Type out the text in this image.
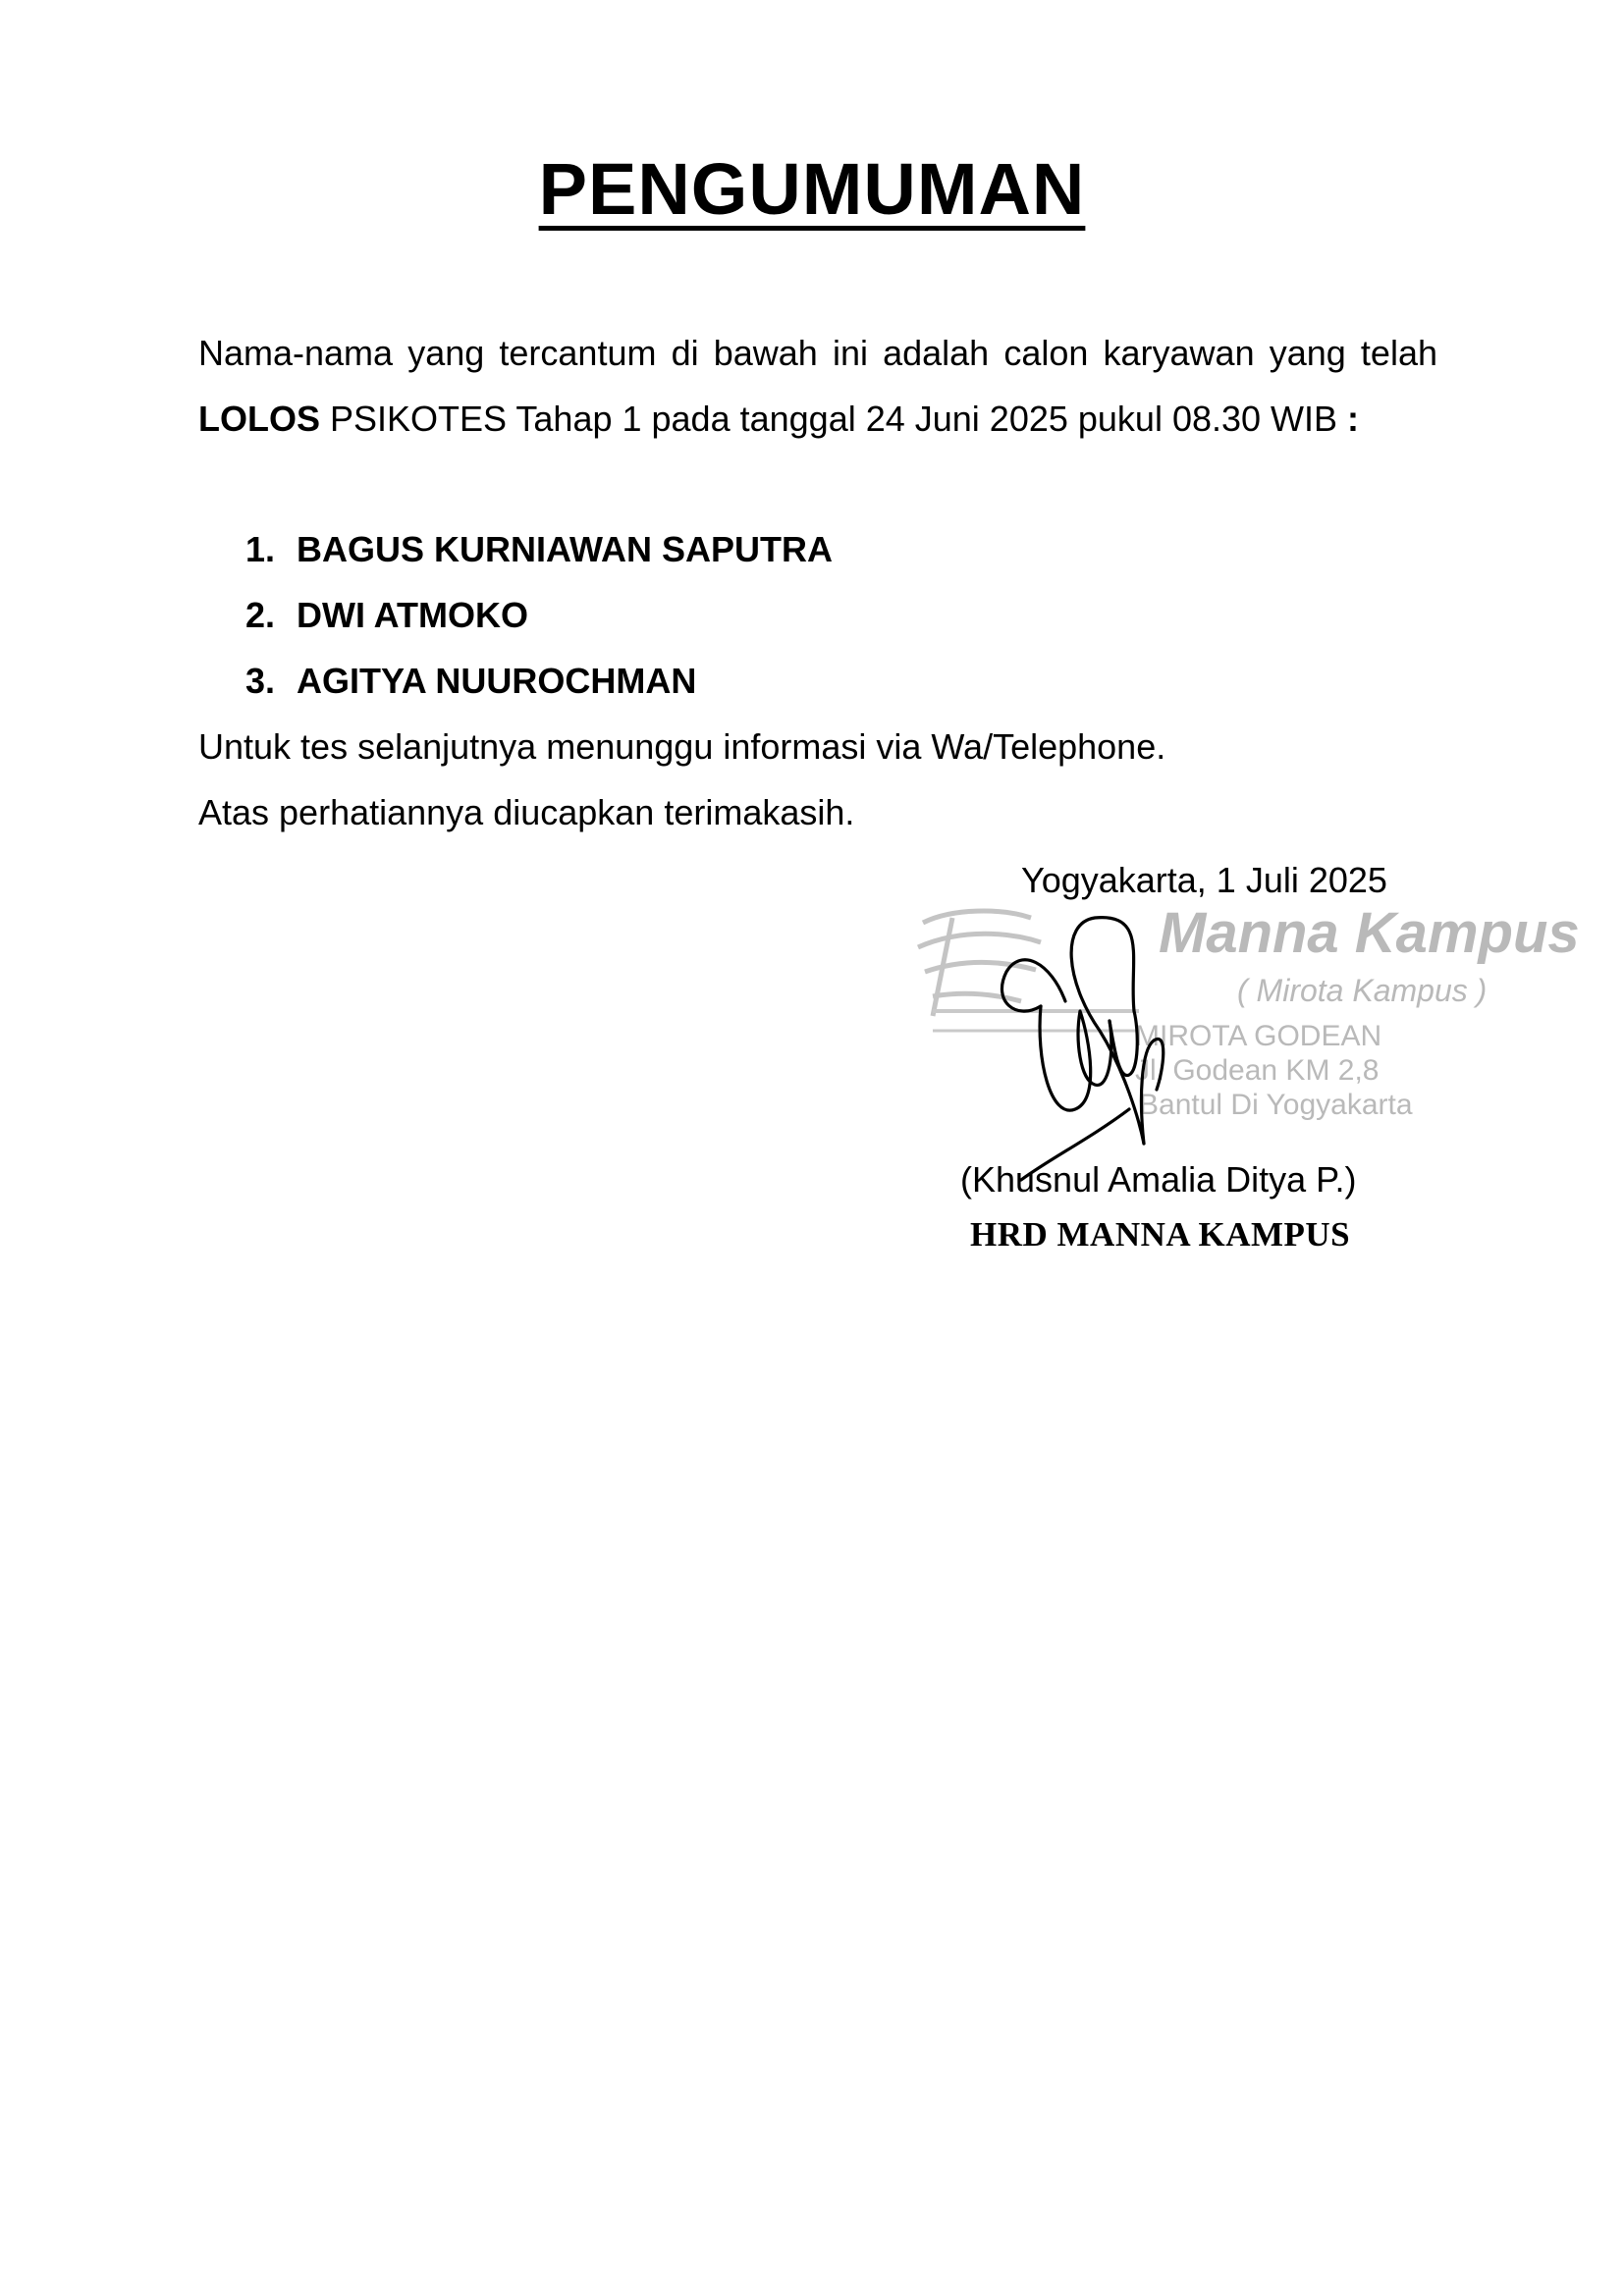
PENGUMUMAN
Nama-nama yang tercantum di bawah ini adalah calon karyawan yang telah LOLOS PSIKOTES Tahap 1 pada tanggal 24 Juni 2025 pukul 08.30 WIB :
1. BAGUS KURNIAWAN SAPUTRA
2. DWI ATMOKO
3. AGITYA NUUROCHMAN
Untuk tes selanjutnya menunggu informasi via Wa/Telephone.
Atas perhatiannya diucapkan terimakasih.
Yogyakarta, 1 Juli 2025
Manna Kampus
( Mirota Kampus )
MIROTA GODEAN
Jl. Godean KM 2,8
Bantul Di Yogyakarta
(Khusnul Amalia Ditya P.)
HRD MANNA KAMPUS
